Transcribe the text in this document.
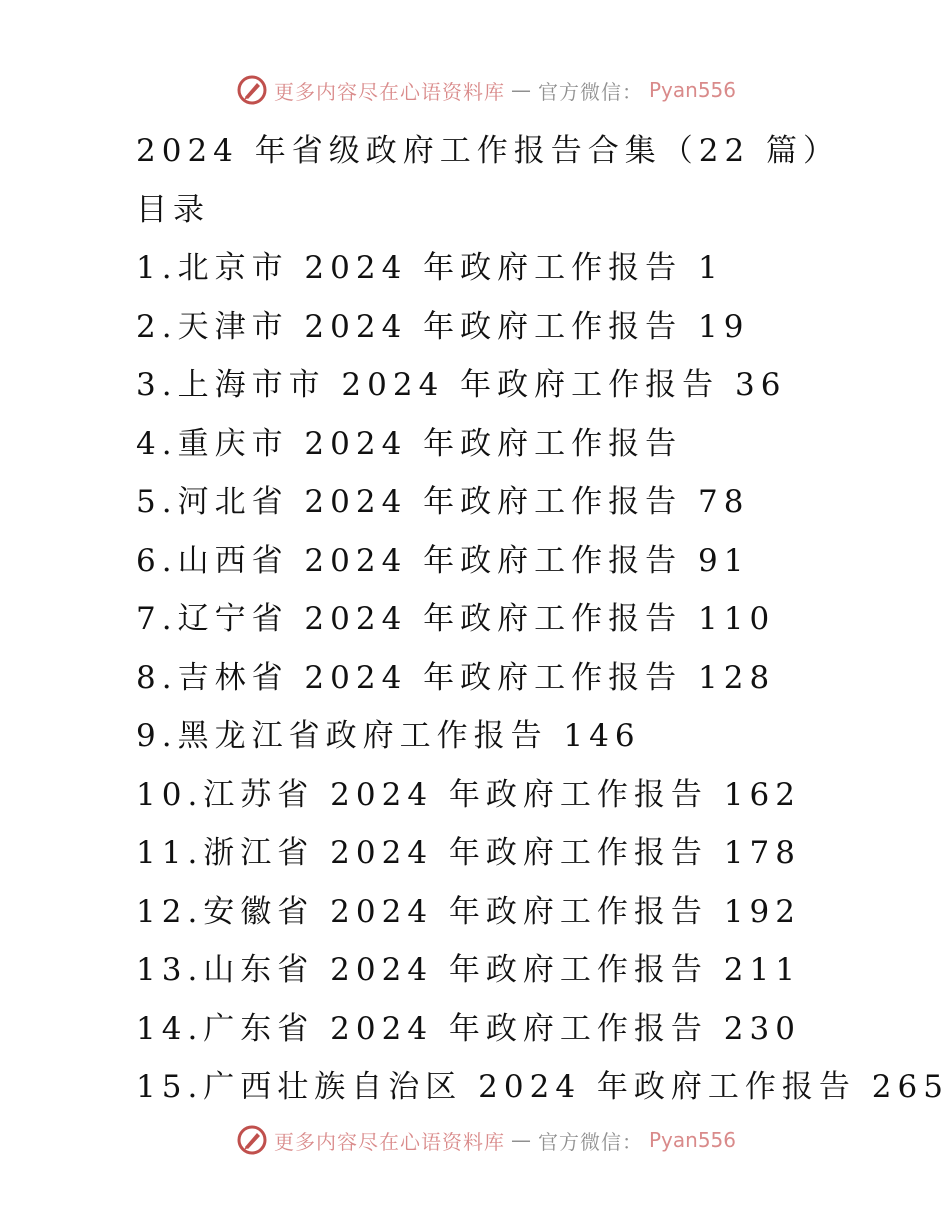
更多内容尽在心语资料库 — 官方微信： Pyan556
2024 年省级政府工作报告合集（22 篇）
目录
1.北京市 2024 年政府工作报告 1
2.天津市 2024 年政府工作报告 19
3.上海市市 2024 年政府工作报告 36
4.重庆市 2024 年政府工作报告
5.河北省 2024 年政府工作报告 78
6.山西省 2024 年政府工作报告 91
7.辽宁省 2024 年政府工作报告 110
8.吉林省 2024 年政府工作报告 128
9.黑龙江省政府工作报告 146
10.江苏省 2024 年政府工作报告 162
11.浙江省 2024 年政府工作报告 178
12.安徽省 2024 年政府工作报告 192
13.山东省 2024 年政府工作报告 211
14.广东省 2024 年政府工作报告 230
15.广西壮族自治区 2024 年政府工作报告 265
更多内容尽在心语资料库 — 官方微信： Pyan556
